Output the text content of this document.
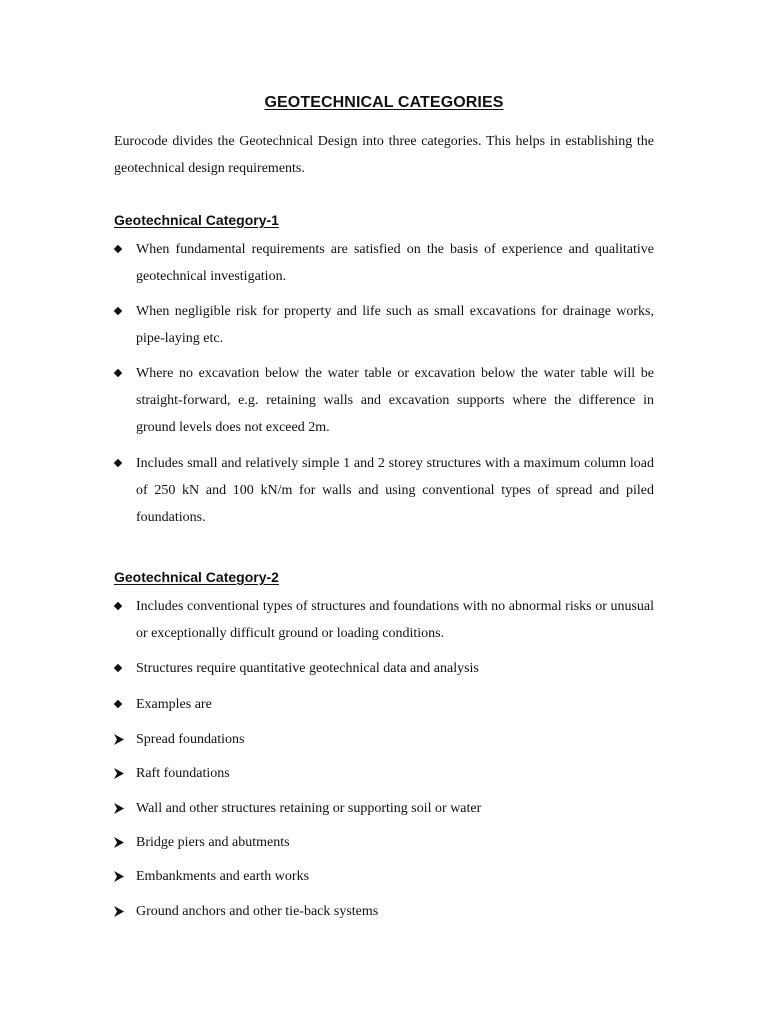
GEOTECHNICAL CATEGORIES
Eurocode divides the Geotechnical Design into three categories. This helps in establishing the geotechnical design requirements.
Geotechnical Category-1
When fundamental requirements are satisfied on the basis of experience and qualitative geotechnical investigation.
When negligible risk for property and life such as small excavations for drainage works, pipe-laying etc.
Where no excavation below the water table or excavation below the water table will be straight-forward, e.g. retaining walls and excavation supports where the difference in ground levels does not exceed 2m.
Includes small and relatively simple 1 and 2 storey structures with a maximum column load of 250 kN and 100 kN/m for walls and using conventional types of spread and piled foundations.
Geotechnical Category-2
Includes conventional types of structures and foundations with no abnormal risks or unusual or exceptionally difficult ground or loading conditions.
Structures require quantitative geotechnical data and analysis
Examples are
Spread foundations
Raft foundations
Wall and other structures retaining or supporting soil or water
Bridge piers and abutments
Embankments and earth works
Ground anchors and other tie-back systems
